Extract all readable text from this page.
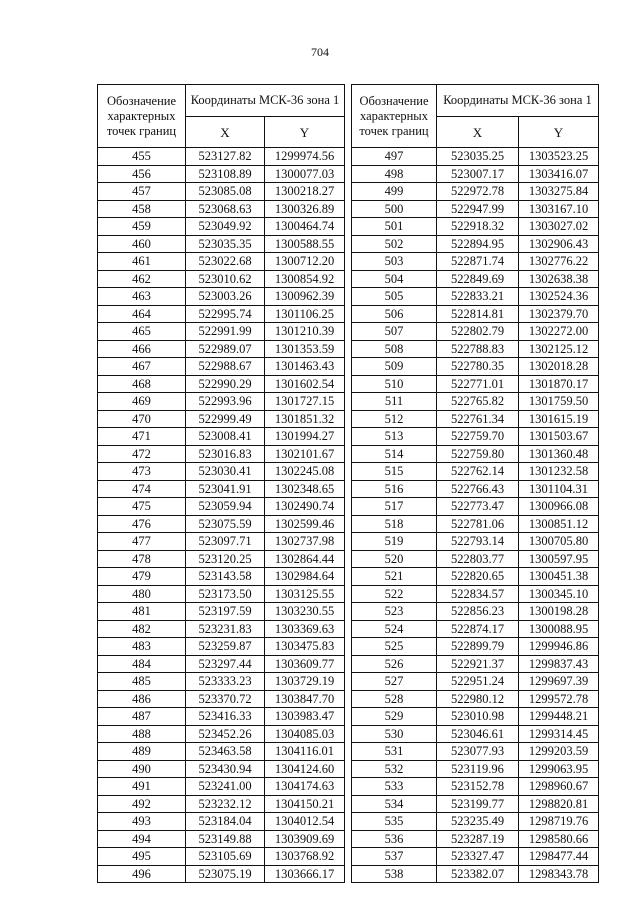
704
Обозначение характерных точек границ	Координаты МСК-36 зона 1	
	X	Y
455	523127.82	1299974.56
456	523108.89	1300077.03
457	523085.08	1300218.27
458	523068.63	1300326.89
459	523049.92	1300464.74
460	523035.35	1300588.55
461	523022.68	1300712.20
462	523010.62	1300854.92
463	523003.26	1300962.39
464	522995.74	1301106.25
465	522991.99	1301210.39
466	522989.07	1301353.59
467	522988.67	1301463.43
468	522990.29	1301602.54
469	522993.96	1301727.15
470	522999.49	1301851.32
471	523008.41	1301994.27
472	523016.83	1302101.67
473	523030.41	1302245.08
474	523041.91	1302348.65
475	523059.94	1302490.74
476	523075.59	1302599.46
477	523097.71	1302737.98
478	523120.25	1302864.44
479	523143.58	1302984.64
480	523173.50	1303125.55
481	523197.59	1303230.55
482	523231.83	1303369.63
483	523259.87	1303475.83
484	523297.44	1303609.77
485	523333.23	1303729.19
486	523370.72	1303847.70
487	523416.33	1303983.47
488	523452.26	1304085.03
489	523463.58	1304116.01
490	523430.94	1304124.60
491	523241.00	1304174.63
492	523232.12	1304150.21
493	523184.04	1304012.54
494	523149.88	1303909.69
495	523105.69	1303768.92
496	523075.19	1303666.17
Обозначение характерных точек границ	Координаты МСК-36 зона 1	
	X	Y
497	523035.25	1303523.25
498	523007.17	1303416.07
499	522972.78	1303275.84
500	522947.99	1303167.10
501	522918.32	1303027.02
502	522894.95	1302906.43
503	522871.74	1302776.22
504	522849.69	1302638.38
505	522833.21	1302524.36
506	522814.81	1302379.70
507	522802.79	1302272.00
508	522788.83	1302125.12
509	522780.35	1302018.28
510	522771.01	1301870.17
511	522765.82	1301759.50
512	522761.34	1301615.19
513	522759.70	1301503.67
514	522759.80	1301360.48
515	522762.14	1301232.58
516	522766.43	1301104.31
517	522773.47	1300966.08
518	522781.06	1300851.12
519	522793.14	1300705.80
520	522803.77	1300597.95
521	522820.65	1300451.38
522	522834.57	1300345.10
523	522856.23	1300198.28
524	522874.17	1300088.95
525	522899.79	1299946.86
526	522921.37	1299837.43
527	522951.24	1299697.39
528	522980.12	1299572.78
529	523010.98	1299448.21
530	523046.61	1299314.45
531	523077.93	1299203.59
532	523119.96	1299063.95
533	523152.78	1298960.67
534	523199.77	1298820.81
535	523235.49	1298719.76
536	523287.19	1298580.66
537	523327.47	1298477.44
538	523382.07	1298343.78
